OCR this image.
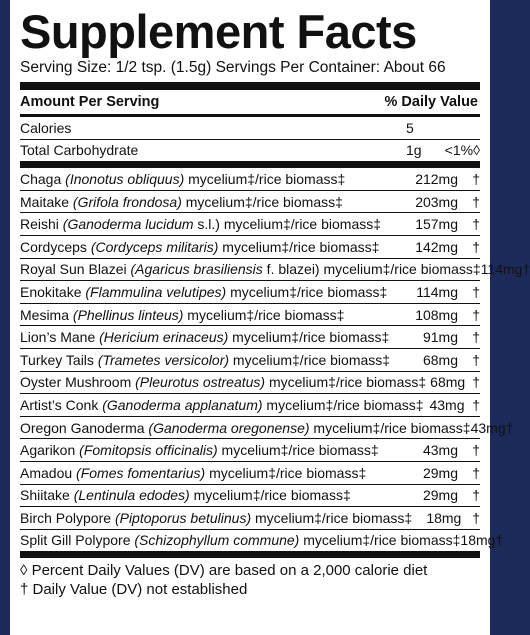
Supplement Facts
Serving Size: 1/2 tsp. (1.5g) Servings Per Container: About 66
Amount Per Serving	% Daily Value
Calories	5
Total Carbohydrate	1g <1%◊
Chaga (Inonotus obliquus) mycelium‡/rice biomass‡	212mg	†
Maitake (Grifola frondosa) mycelium‡/rice biomass‡	203mg	†
Reishi (Ganoderma lucidum s.l.) mycelium‡/rice biomass‡	157mg	†
Cordyceps (Cordyceps militaris) mycelium‡/rice biomass‡	142mg	†
Royal Sun Blazei (Agaricus brasiliensis f. blazei) mycelium‡/rice biomass‡ 114mg †
Enokitake (Flammulina velutipes) mycelium‡/rice biomass‡	114mg	†
Mesima (Phellinus linteus) mycelium‡/rice biomass‡	108mg	†
Lion’s Mane (Hericium erinaceus) mycelium‡/rice biomass‡	91mg	†
Turkey Tails (Trametes versicolor) mycelium‡/rice biomass‡	68mg	†
Oyster Mushroom (Pleurotus ostreatus) mycelium‡/rice biomass‡ 68mg †
Artist’s Conk (Ganoderma applanatum) mycelium‡/rice biomass‡ 43mg †
Oregon Ganoderma (Ganoderma oregonense) mycelium‡/rice biomass‡ 43mg †
Agarikon (Fomitopsis officinalis) mycelium‡/rice biomass‡	43mg	†
Amadou (Fomes fomentarius) mycelium‡/rice biomass‡	29mg	†
Shiitake (Lentinula edodes) mycelium‡/rice biomass‡	29mg	†
Birch Polypore (Piptoporus betulinus) mycelium‡/rice biomass‡	18mg †
Split Gill Polypore (Schizophyllum commune) mycelium‡/rice biomass‡ 18mg †
◊ Percent Daily Values (DV) are based on a 2,000 calorie diet
† Daily Value (DV) not established
